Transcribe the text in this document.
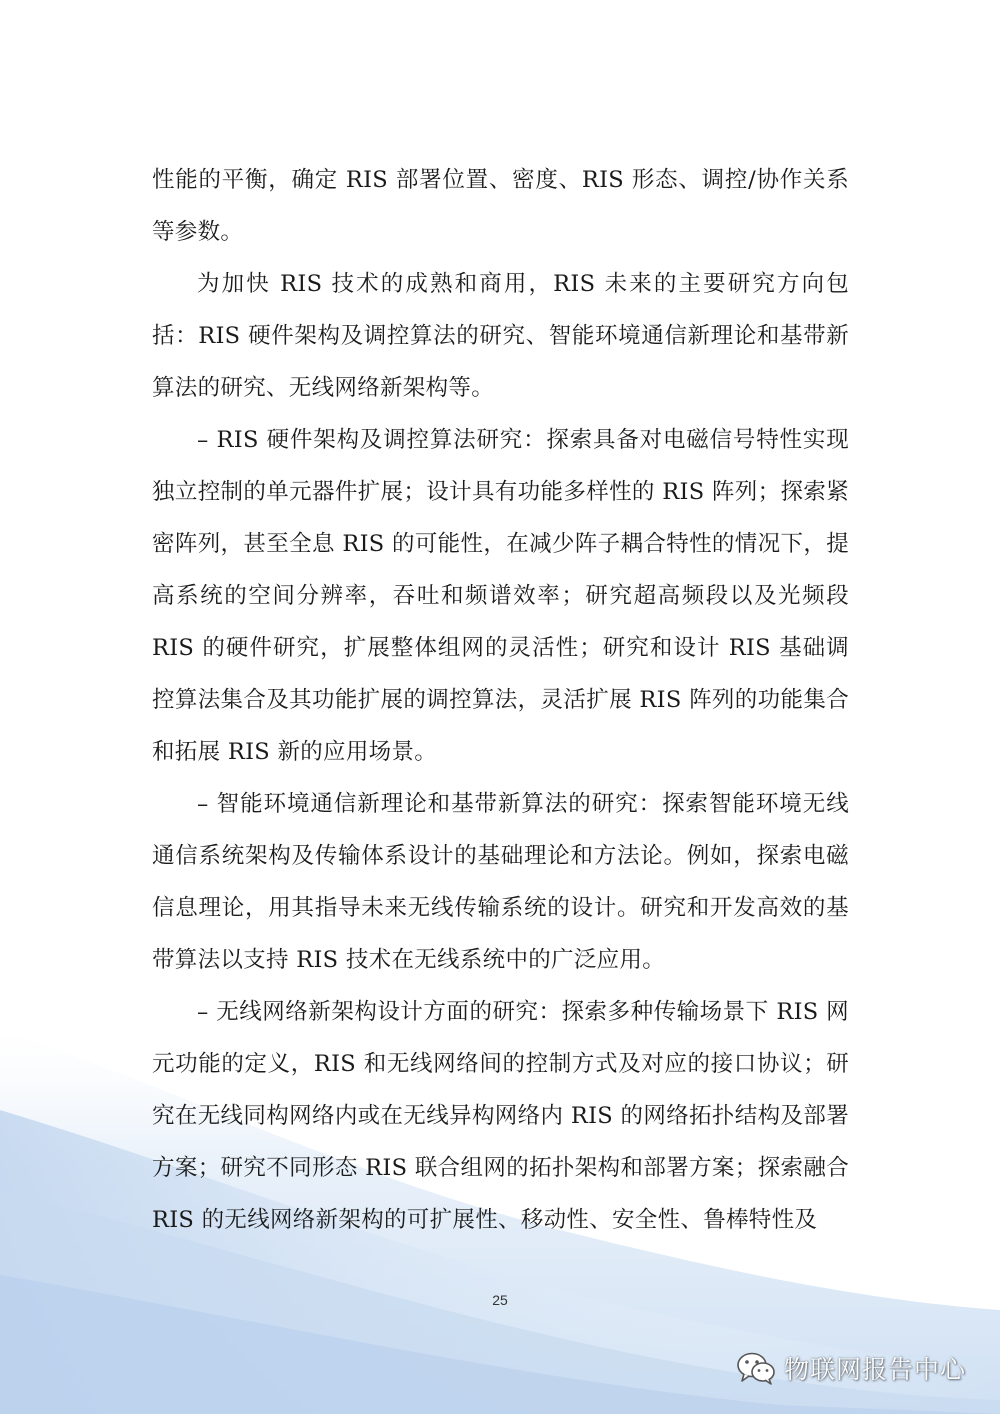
性能的平衡，确定 RIS 部署位置、密度、RIS 形态、调控/协作关系等参数。

为加快 RIS 技术的成熟和商用，RIS 未来的主要研究方向包括：RIS 硬件架构及调控算法的研究、智能环境通信新理论和基带新算法的研究、无线网络新架构等。

– RIS 硬件架构及调控算法研究：探索具备对电磁信号特性实现独立控制的单元器件扩展；设计具有功能多样性的 RIS 阵列；探索紧密阵列，甚至全息 RIS 的可能性，在减少阵子耦合特性的情况下，提高系统的空间分辨率，吞吐和频谱效率；研究超高频段以及光频段 RIS 的硬件研究，扩展整体组网的灵活性；研究和设计 RIS 基础调控算法集合及其功能扩展的调控算法，灵活扩展 RIS 阵列的功能集合和拓展 RIS 新的应用场景。

– 智能环境通信新理论和基带新算法的研究：探索智能环境无线通信系统架构及传输体系设计的基础理论和方法论。例如，探索电磁信息理论，用其指导未来无线传输系统的设计。研究和开发高效的基带算法以支持 RIS 技术在无线系统中的广泛应用。

– 无线网络新架构设计方面的研究：探索多种传输场景下 RIS 网元功能的定义，RIS 和无线网络间的控制方式及对应的接口协议；研究在无线同构网络内或在无线异构网络内 RIS 的网络拓扑结构及部署方案；研究不同形态 RIS 联合组网的拓扑架构和部署方案；探索融合 RIS 的无线网络新架构的可扩展性、移动性、安全性、鲁棒特性及

25
物联网报告中心
